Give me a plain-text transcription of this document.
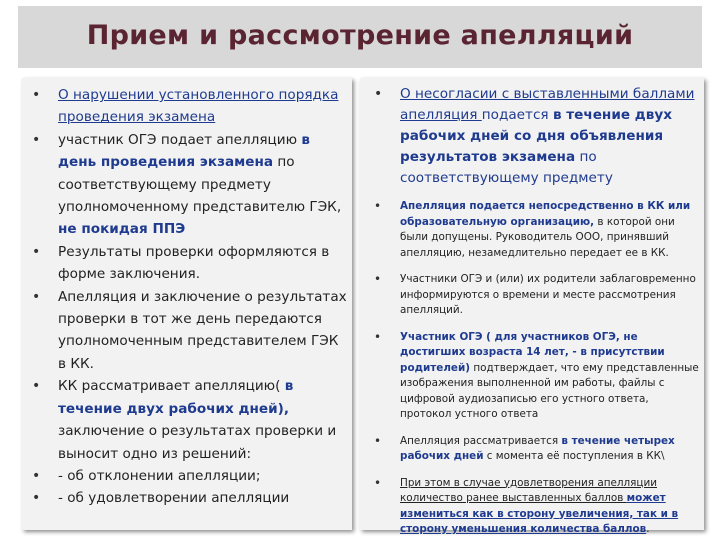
Прием и рассмотрение апелляций
• О нарушении установленного порядка проведения экзамена
• участник ОГЭ подает апелляцию в день проведения экзамена по соответствующему предмету уполномоченному представителю ГЭК, не покидая ППЭ
• Результаты проверки оформляются в форме заключения.
• Апелляция и заключение о результатах проверки в тот же день передаются уполномоченным представителем ГЭК в КК.
• КК рассматривает апелляцию( в течение двух рабочих дней), заключение о результатах проверки и выносит одно из решений:
• - об отклонении апелляции;
• - об удовлетворении апелляции
• О несогласии с выставленными баллами апелляция подается в течение двух рабочих дней со дня объявления результатов экзамена по соответствующему предмету
• Апелляция подается непосредственно в КК или образовательную организацию, в которой они были допущены. Руководитель ООО, принявший апелляцию, незамедлительно передает ее в КК.
• Участники ОГЭ и (или) их родители заблаговременно информируются о времени и месте рассмотрения апелляций.
• Участник ОГЭ ( для участников ОГЭ, не достигших возраста 14 лет, - в присутствии родителей) подтверждает, что ему представленные изображения выполненной им работы, файлы с цифровой аудиозаписью его устного ответа, протокол устного ответа
• Апелляция рассматривается в течение четырех рабочих дней с момента её поступления в КК\
• При этом в случае удовлетворения апелляции количество ранее выставленных баллов может измениться как в сторону увеличения, так и в сторону уменьшения количества баллов.
